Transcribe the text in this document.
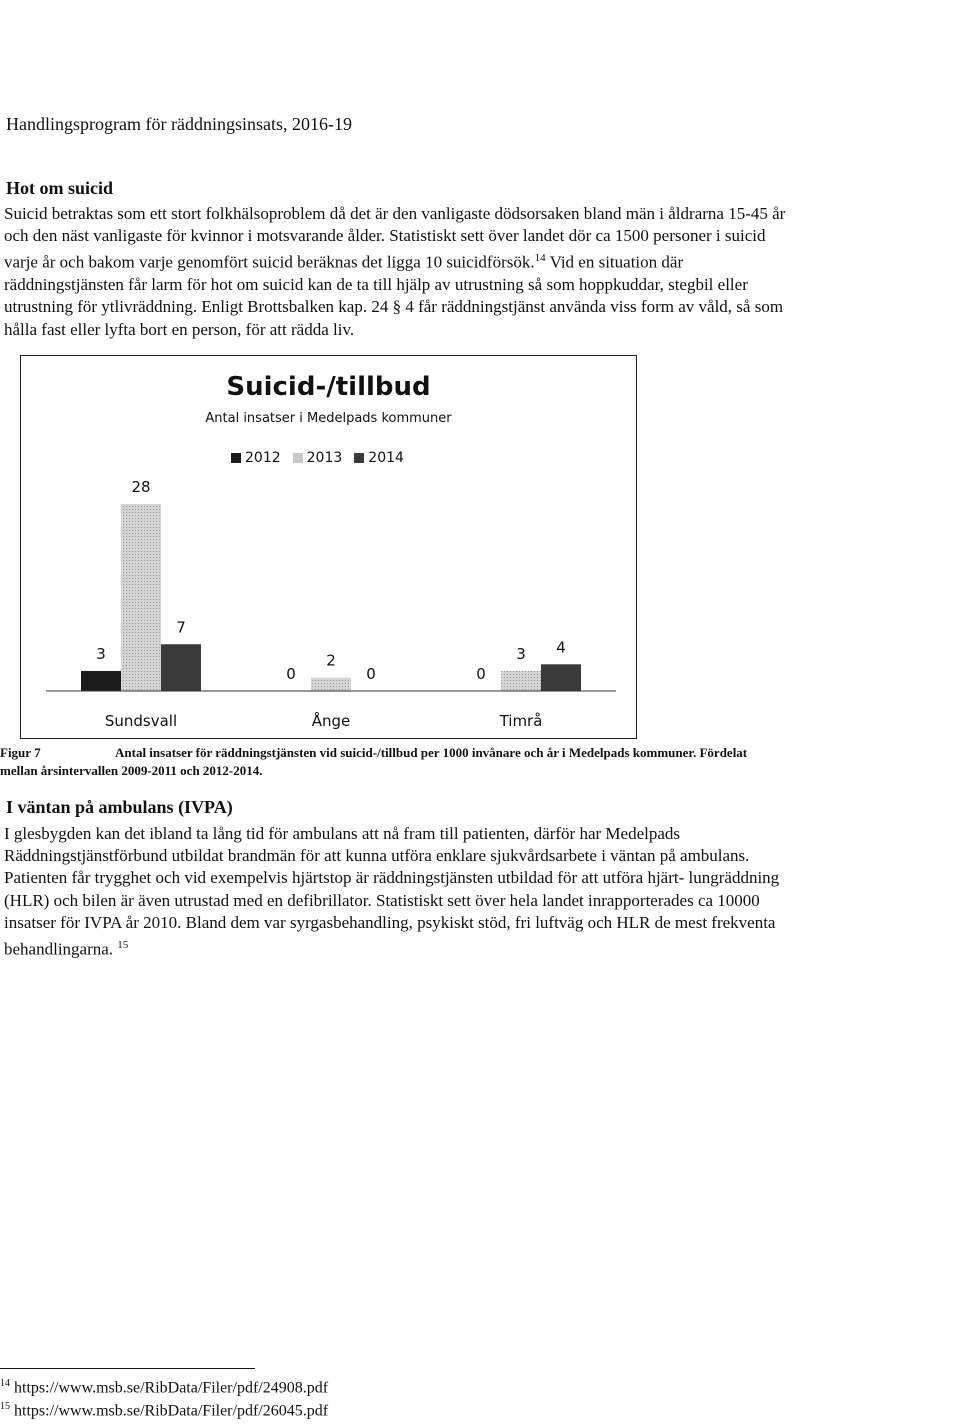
Handlingsprogram för räddningsinsats, 2016-19
Hot om suicid

Suicid betraktas som ett stort folkhälsoproblem då det är den vanligaste dödsorsaken bland män i åldrarna 15-45 år och den näst vanligaste för kvinnor i motsvarande ålder. Statistiskt sett över landet dör ca 1500 personer i suicid varje år och bakom varje genomfört suicid beräknas det ligga 10 suicidförsök.$^{14}$ Vid en situation där räddningstjänsten får larm för hot om suicid kan de ta till hjälp av utrustning så som hoppkuddar, stegbil eller utrustning för ytlivräddning. Enligt Brottsbalken kap. 24 § 4 får räddningstjänst använda viss form av våld, så som hålla fast eller lyfta bort en person, för att rädda liv.

Suicid-/tillbud
Antal insatser i Medelpads kommuner
2012 2013 2014
3
28
7
Sundsvall
0
2
0
Ånge
0
3 4
Timrå
Figur 7	Antal insatser för räddningstjänsten vid suicid-/tillbud per 1000 invånare och år i Medelpads kommuner. Fördelat mellan årsintervallen 2009-2011 och 2012-2014.
I väntan på ambulans (IVPA)

I glesbygden kan det ibland ta lång tid för ambulans att nå fram till patienten, därför har Medelpads Räddningstjänstförbund utbildat brandmän för att kunna utföra enklare sjukvårdsarbete i väntan på ambulans. Patienten får trygghet och vid exempelvis hjärtstop är räddningstjänsten utbildad för att utföra hjärt- lungräddning (HLR) och bilen är även utrustad med en defibrillator. Statistiskt sett över hela landet inrapporterades ca 10000 insatser för IVPA år 2010. Bland dem var syrgasbehandling, psykiskt stöd, fri luftväg och HLR de mest frekventa behandlingarna. $^{15}$

$^{14}$ https://www.msb.se/RibData/Filer/pdf/24908.pdf
$^{15}$ https://www.msb.se/RibData/Filer/pdf/26045.pdf
